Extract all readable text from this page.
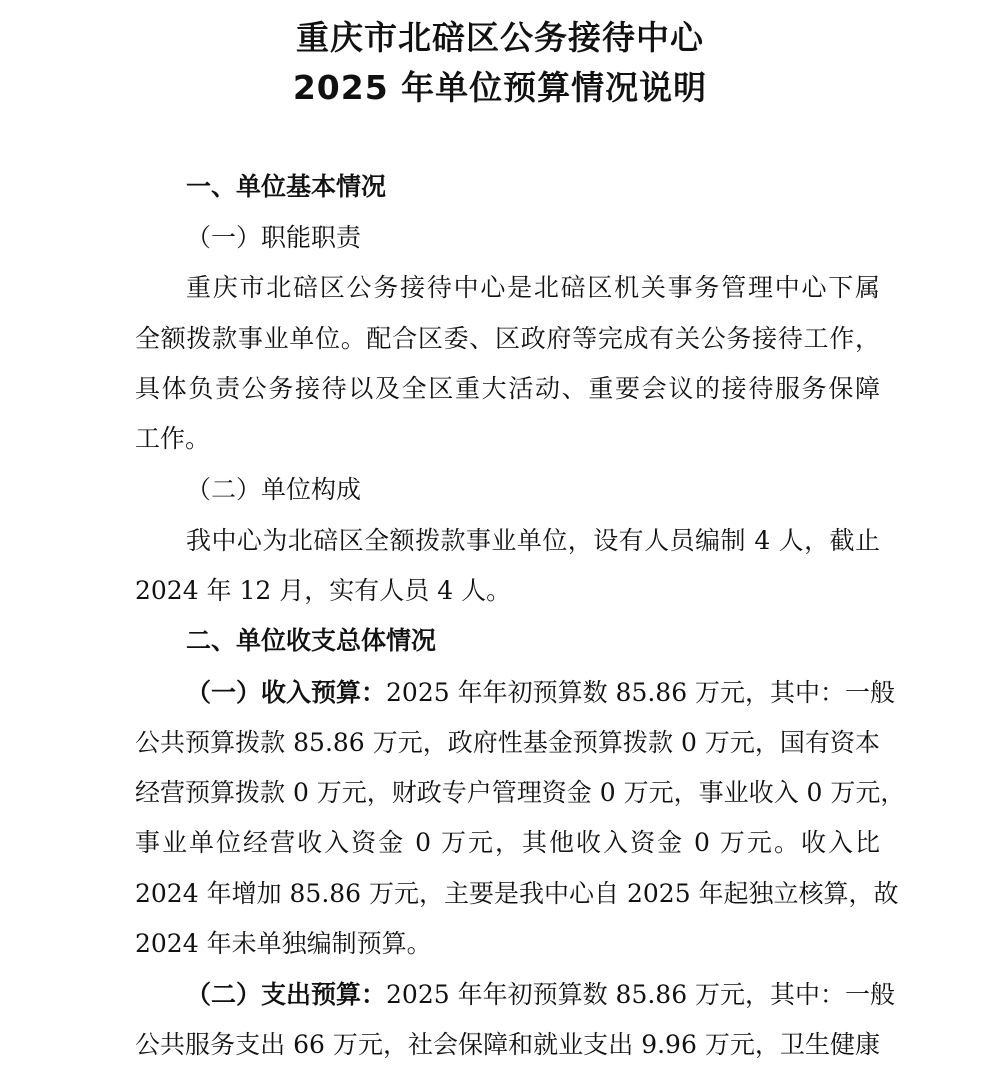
重庆市北碚区公务接待中心
2025 年单位预算情况说明
一、单位基本情况
（一）职能职责
重庆市北碚区公务接待中心是北碚区机关事务管理中心下属
全额拨款事业单位。配合区委、区政府等完成有关公务接待工作，
具体负责公务接待以及全区重大活动、重要会议的接待服务保障
工作。
（二）单位构成
我中心为北碚区全额拨款事业单位，设有人员编制 4 人，截止
2024 年 12 月，实有人员 4 人。
二、单位收支总体情况
（一）收入预算：2025 年年初预算数 85.86 万元，其中：一般
公共预算拨款 85.86 万元，政府性基金预算拨款 0 万元，国有资本
经营预算拨款 0 万元，财政专户管理资金 0 万元，事业收入 0 万元，
事业单位经营收入资金 0 万元，其他收入资金 0 万元。收入比
2024 年增加 85.86 万元，主要是我中心自 2025 年起独立核算，故
2024 年未单独编制预算。
（二）支出预算：2025 年年初预算数 85.86 万元，其中：一般
公共服务支出 66 万元，社会保障和就业支出 9.96 万元，卫生健康
